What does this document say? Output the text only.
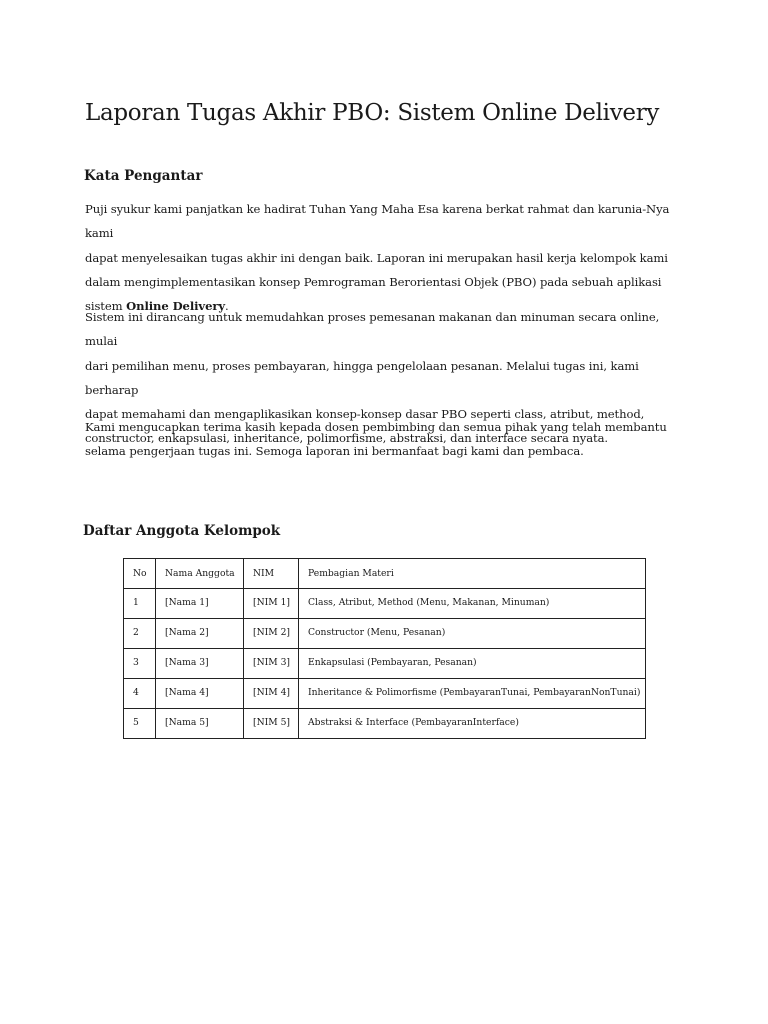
Laporan Tugas Akhir PBO: Sistem Online Delivery
Kata Pengantar

Puji syukur kami panjatkan ke hadirat Tuhan Yang Maha Esa karena berkat rahmat dan karunia-Nya kami
dapat menyelesaikan tugas akhir ini dengan baik. Laporan ini merupakan hasil kerja kelompok kami
dalam mengimplementasikan konsep Pemrograman Berorientasi Objek (PBO) pada sebuah aplikasi
sistem Online Delivery.

Sistem ini dirancang untuk memudahkan proses pemesanan makanan dan minuman secara online, mulai
dari pemilihan menu, proses pembayaran, hingga pengelolaan pesanan. Melalui tugas ini, kami berharap
dapat memahami dan mengaplikasikan konsep-konsep dasar PBO seperti class, atribut, method,
constructor, enkapsulasi, inheritance, polimorfisme, abstraksi, dan interface secara nyata.

Kami mengucapkan terima kasih kepada dosen pembimbing dan semua pihak yang telah membantu
selama pengerjaan tugas ini. Semoga laporan ini bermanfaat bagi kami dan pembaca.

Daftar Anggota Kelompok
No	Nama Anggota	NIM	Pembagian Materi
1	[Nama 1]	[NIM 1]	Class, Atribut, Method (Menu, Makanan, Minuman)
2	[Nama 2]	[NIM 2]	Constructor (Menu, Pesanan)
3	[Nama 3]	[NIM 3]	Enkapsulasi (Pembayaran, Pesanan)
4	[Nama 4]	[NIM 4]	Inheritance & Polimorfisme (PembayaranTunai, PembayaranNonTunai)
5	[Nama 5]	[NIM 5]	Abstraksi & Interface (PembayaranInterface)
